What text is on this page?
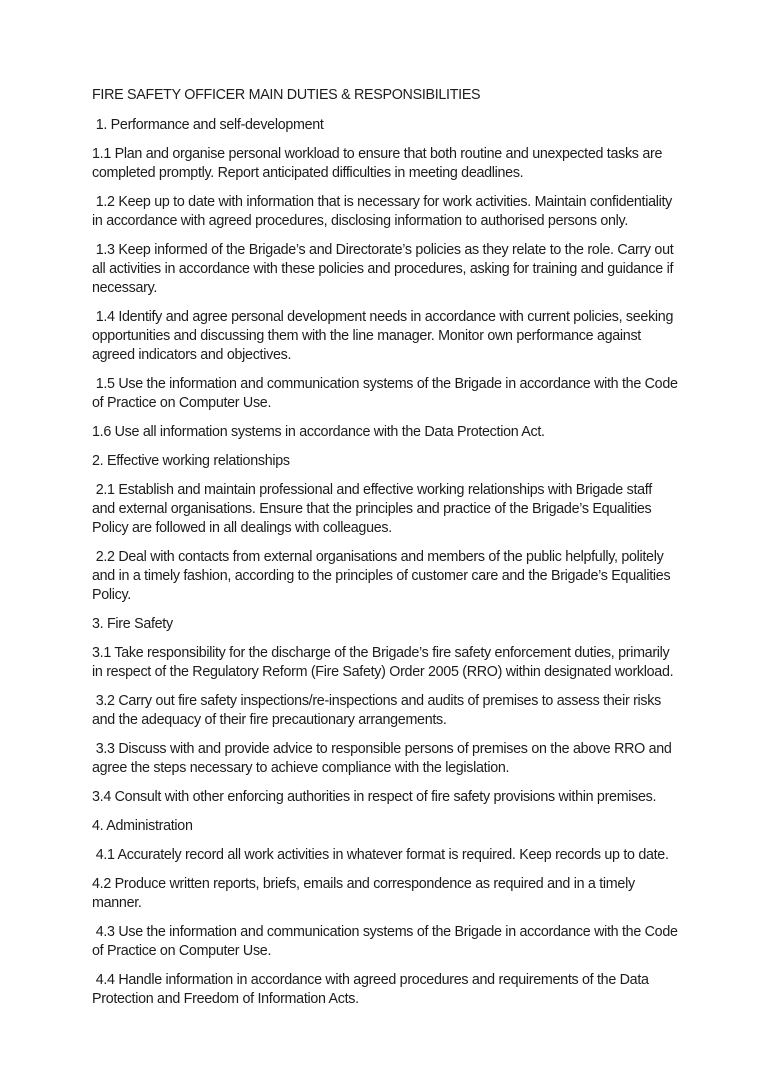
FIRE SAFETY OFFICER MAIN DUTIES & RESPONSIBILITIES

1. Performance and self-development

1.1 Plan and organise personal workload to ensure that both routine and unexpected tasks are completed promptly. Report anticipated difficulties in meeting deadlines.

1.2 Keep up to date with information that is necessary for work activities. Maintain confidentiality in accordance with agreed procedures, disclosing information to authorised persons only.

1.3 Keep informed of the Brigade’s and Directorate’s policies as they relate to the role. Carry out all activities in accordance with these policies and procedures, asking for training and guidance if necessary.

1.4 Identify and agree personal development needs in accordance with current policies, seeking opportunities and discussing them with the line manager. Monitor own performance against agreed indicators and objectives.

1.5 Use the information and communication systems of the Brigade in accordance with the Code of Practice on Computer Use.

1.6 Use all information systems in accordance with the Data Protection Act.

2. Effective working relationships

2.1 Establish and maintain professional and effective working relationships with Brigade staff and external organisations. Ensure that the principles and practice of the Brigade’s Equalities Policy are followed in all dealings with colleagues.

2.2 Deal with contacts from external organisations and members of the public helpfully, politely and in a timely fashion, according to the principles of customer care and the Brigade’s Equalities Policy.

3. Fire Safety

3.1 Take responsibility for the discharge of the Brigade’s fire safety enforcement duties, primarily in respect of the Regulatory Reform (Fire Safety) Order 2005 (RRO) within designated workload.

3.2 Carry out fire safety inspections/re-inspections and audits of premises to assess their risks and the adequacy of their fire precautionary arrangements.

3.3 Discuss with and provide advice to responsible persons of premises on the above RRO and agree the steps necessary to achieve compliance with the legislation.

3.4 Consult with other enforcing authorities in respect of fire safety provisions within premises.

4. Administration

4.1 Accurately record all work activities in whatever format is required. Keep records up to date.

4.2 Produce written reports, briefs, emails and correspondence as required and in a timely manner.

4.3 Use the information and communication systems of the Brigade in accordance with the Code of Practice on Computer Use.

4.4 Handle information in accordance with agreed procedures and requirements of the Data Protection and Freedom of Information Acts.
